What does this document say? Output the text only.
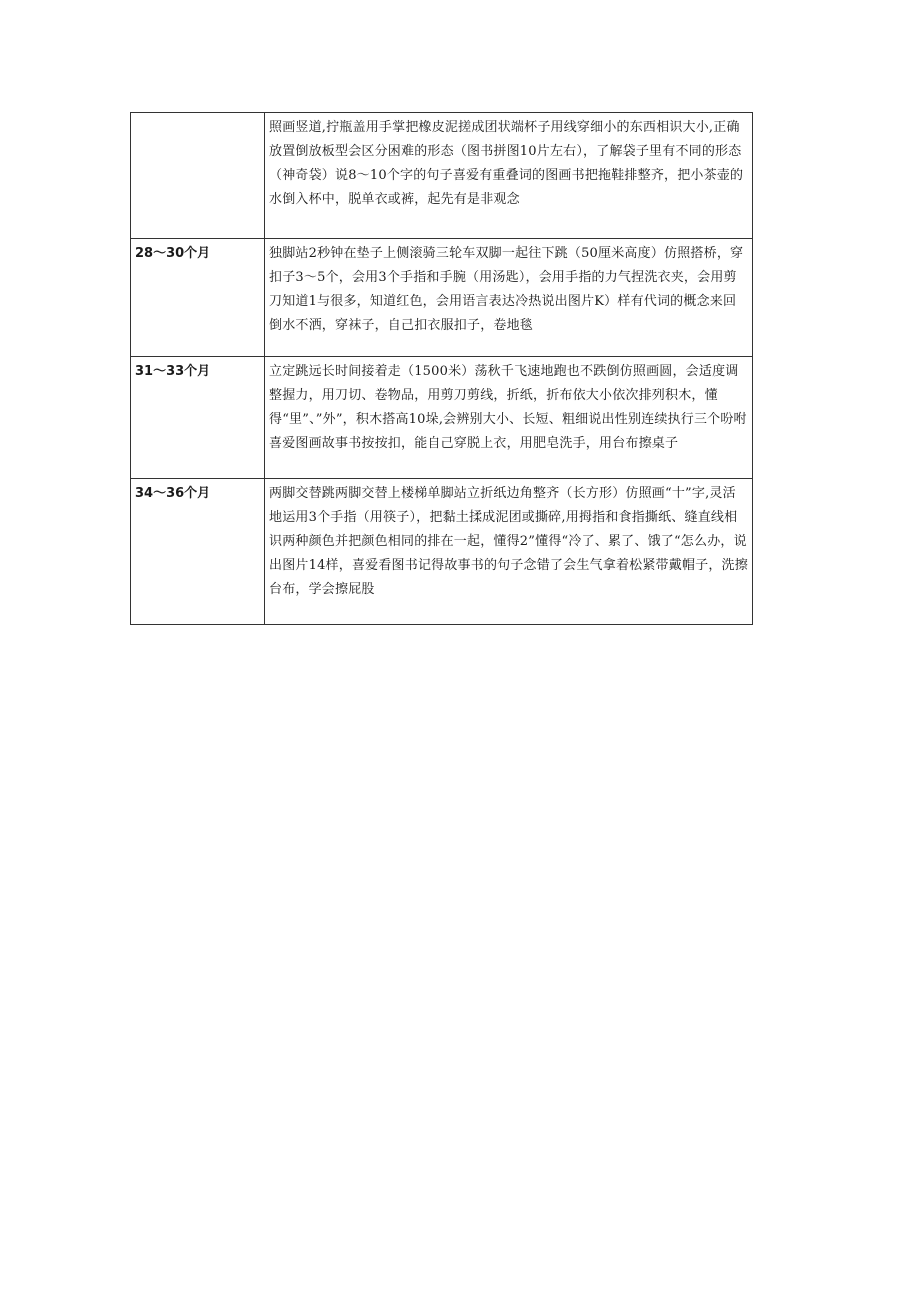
	照画竖道,拧瓶盖用手掌把橡皮泥搓成团状端杯子用线穿细小的东西相识大小,正确放置倒放板型会区分困难的形态（图书拼图10片左右），了解袋子里有不同的形态（神奇袋）说8～10个字的句子喜爱有重叠词的图画书把拖鞋排整齐，把小茶壶的水倒入杯中，脱单衣或裤，起先有是非观念
28～30个月	独脚站2秒钟在垫子上侧滚骑三轮车双脚一起往下跳（50厘米高度）仿照搭桥，穿扣子3～5个，会用3个手指和手腕（用汤匙），会用手指的力气捏洗衣夹，会用剪刀知道1与很多，知道红色，会用语言表达冷热说出图片K）样有代词的概念来回倒水不洒，穿袜子，自己扣衣服扣子，卷地毯
31～33个月	立定跳远长时间接着走（1500米）荡秋千飞速地跑也不跌倒仿照画圆，会适度调整握力，用刀切、卷物品，用剪刀剪线，折纸，折布依大小依次排列积木，懂得“里”、”外”，积木搭高10垛,会辨别大小、长短、粗细说出性别连续执行三个吩咐喜爱图画故事书按按扣，能自己穿脱上衣，用肥皂洗手，用台布擦桌子
34～36个月	两脚交替跳两脚交替上楼梯单脚站立折纸边角整齐（长方形）仿照画“十”字,灵活地运用3个手指（用筷子），把黏土揉成泥团或撕碎,用拇指和食指撕纸、缝直线相识两种颜色并把颜色相同的排在一起，懂得2”懂得“冷了、累了、饿了“怎么办，说出图片14样，喜爱看图书记得故事书的句子念错了会生气拿着松紧带戴帽子，洗擦台布，学会擦屁股
